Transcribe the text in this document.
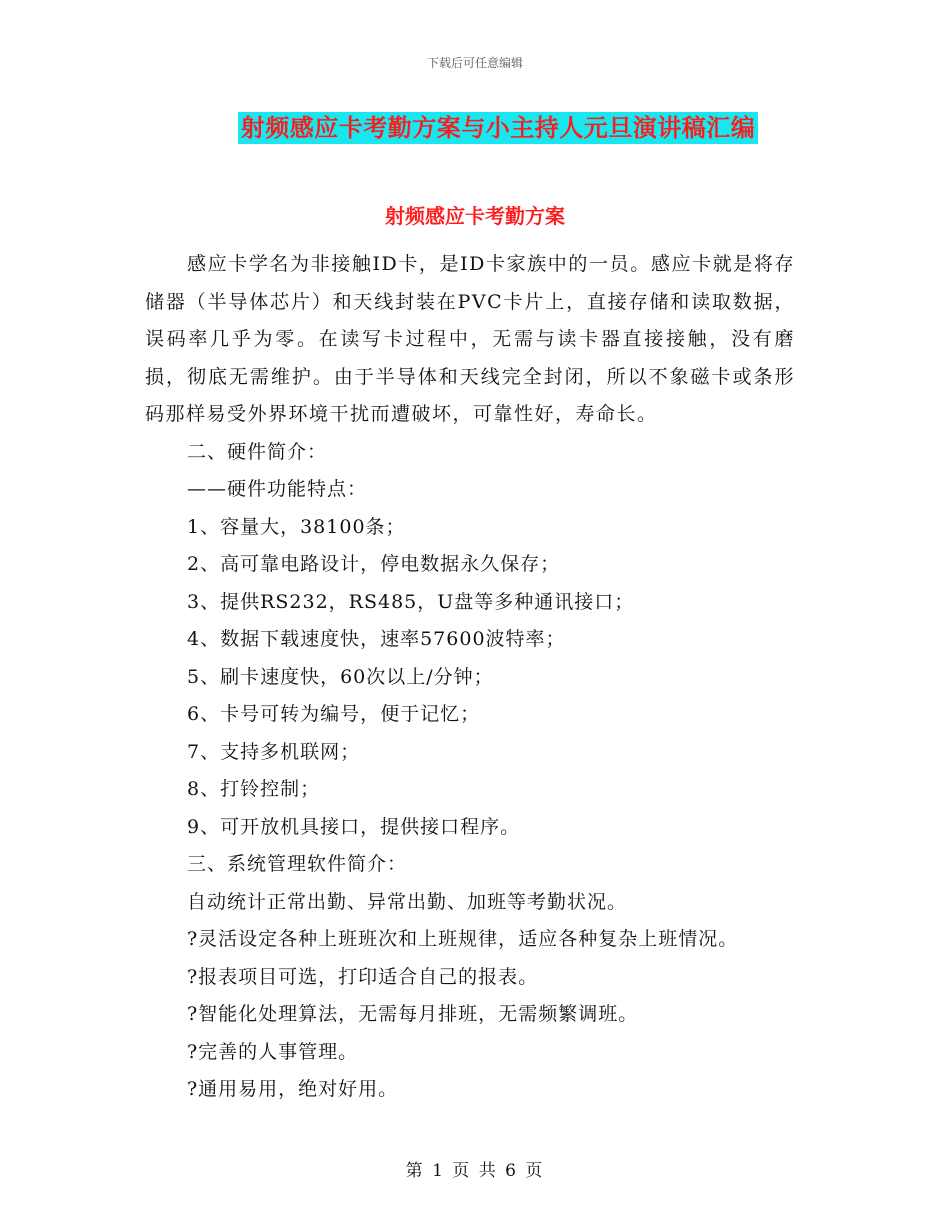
下载后可任意编辑
射频感应卡考勤方案与小主持人元旦演讲稿汇编
射频感应卡考勤方案

感应卡学名为非接触ID卡，是ID卡家族中的一员。感应卡就是将存储器（半导体芯片）和天线封装在PVC卡片上，直接存储和读取数据，误码率几乎为零。在读写卡过程中，无需与读卡器直接接触，没有磨损，彻底无需维护。由于半导体和天线完全封闭，所以不象磁卡或条形码那样易受外界环境干扰而遭破坏，可靠性好，寿命长。

二、硬件简介：

——硬件功能特点：

1、容量大，38100条；

2、高可靠电路设计，停电数据永久保存；

3、提供RS232，RS485，U盘等多种通讯接口；

4、数据下载速度快，速率57600波特率；

5、刷卡速度快，60次以上/分钟；

6、卡号可转为编号，便于记忆；

7、支持多机联网；

8、打铃控制；

9、可开放机具接口，提供接口程序。

三、系统管理软件简介：

自动统计正常出勤、异常出勤、加班等考勤状况。

?灵活设定各种上班班次和上班规律，适应各种复杂上班情况。

?报表项目可选，打印适合自己的报表。

?智能化处理算法，无需每月排班，无需频繁调班。

?完善的人事管理。

?通用易用，绝对好用。

第 1 页 共 6 页
